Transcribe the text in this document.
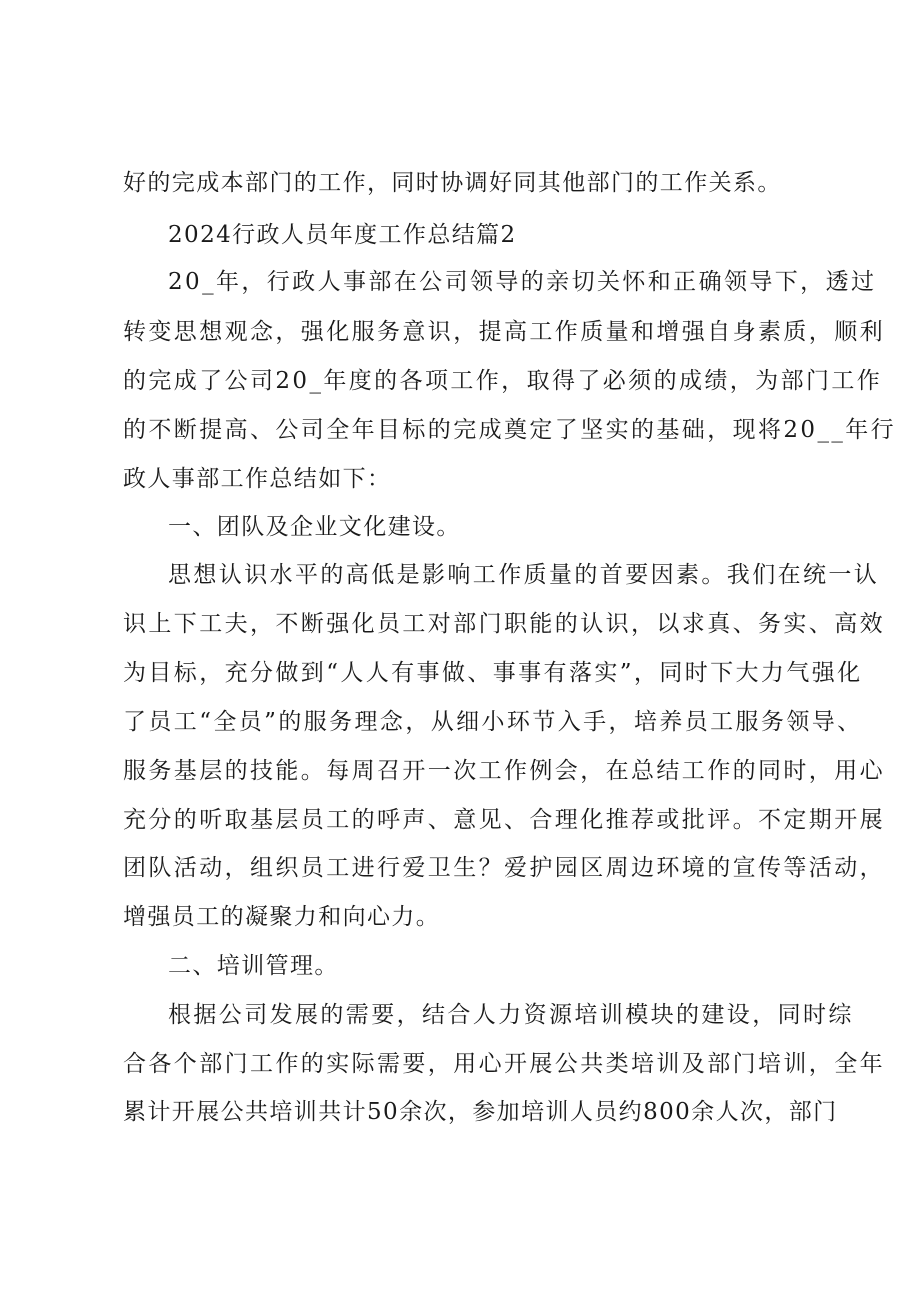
好的完成本部门的工作，同时协调好同其他部门的工作关系。
2024行政人员年度工作总结篇2
20_年，行政人事部在公司领导的亲切关怀和正确领导下，透过
转变思想观念，强化服务意识，提高工作质量和增强自身素质，顺利
的完成了公司20_年度的各项工作，取得了必须的成绩，为部门工作
的不断提高、公司全年目标的完成奠定了坚实的基础，现将20__年行
政人事部工作总结如下：
一、团队及企业文化建设。
思想认识水平的高低是影响工作质量的首要因素。我们在统一认
识上下工夫，不断强化员工对部门职能的认识，以求真、务实、高效
为目标，充分做到“人人有事做、事事有落实”，同时下大力气强化
了员工“全员”的服务理念，从细小环节入手，培养员工服务领导、
服务基层的技能。每周召开一次工作例会，在总结工作的同时，用心
充分的听取基层员工的呼声、意见、合理化推荐或批评。不定期开展
团队活动，组织员工进行爱卫生？爱护园区周边环境的宣传等活动，
增强员工的凝聚力和向心力。
二、培训管理。
根据公司发展的需要，结合人力资源培训模块的建设，同时综
合各个部门工作的实际需要，用心开展公共类培训及部门培训，全年
累计开展公共培训共计50余次，参加培训人员约800余人次，部门
